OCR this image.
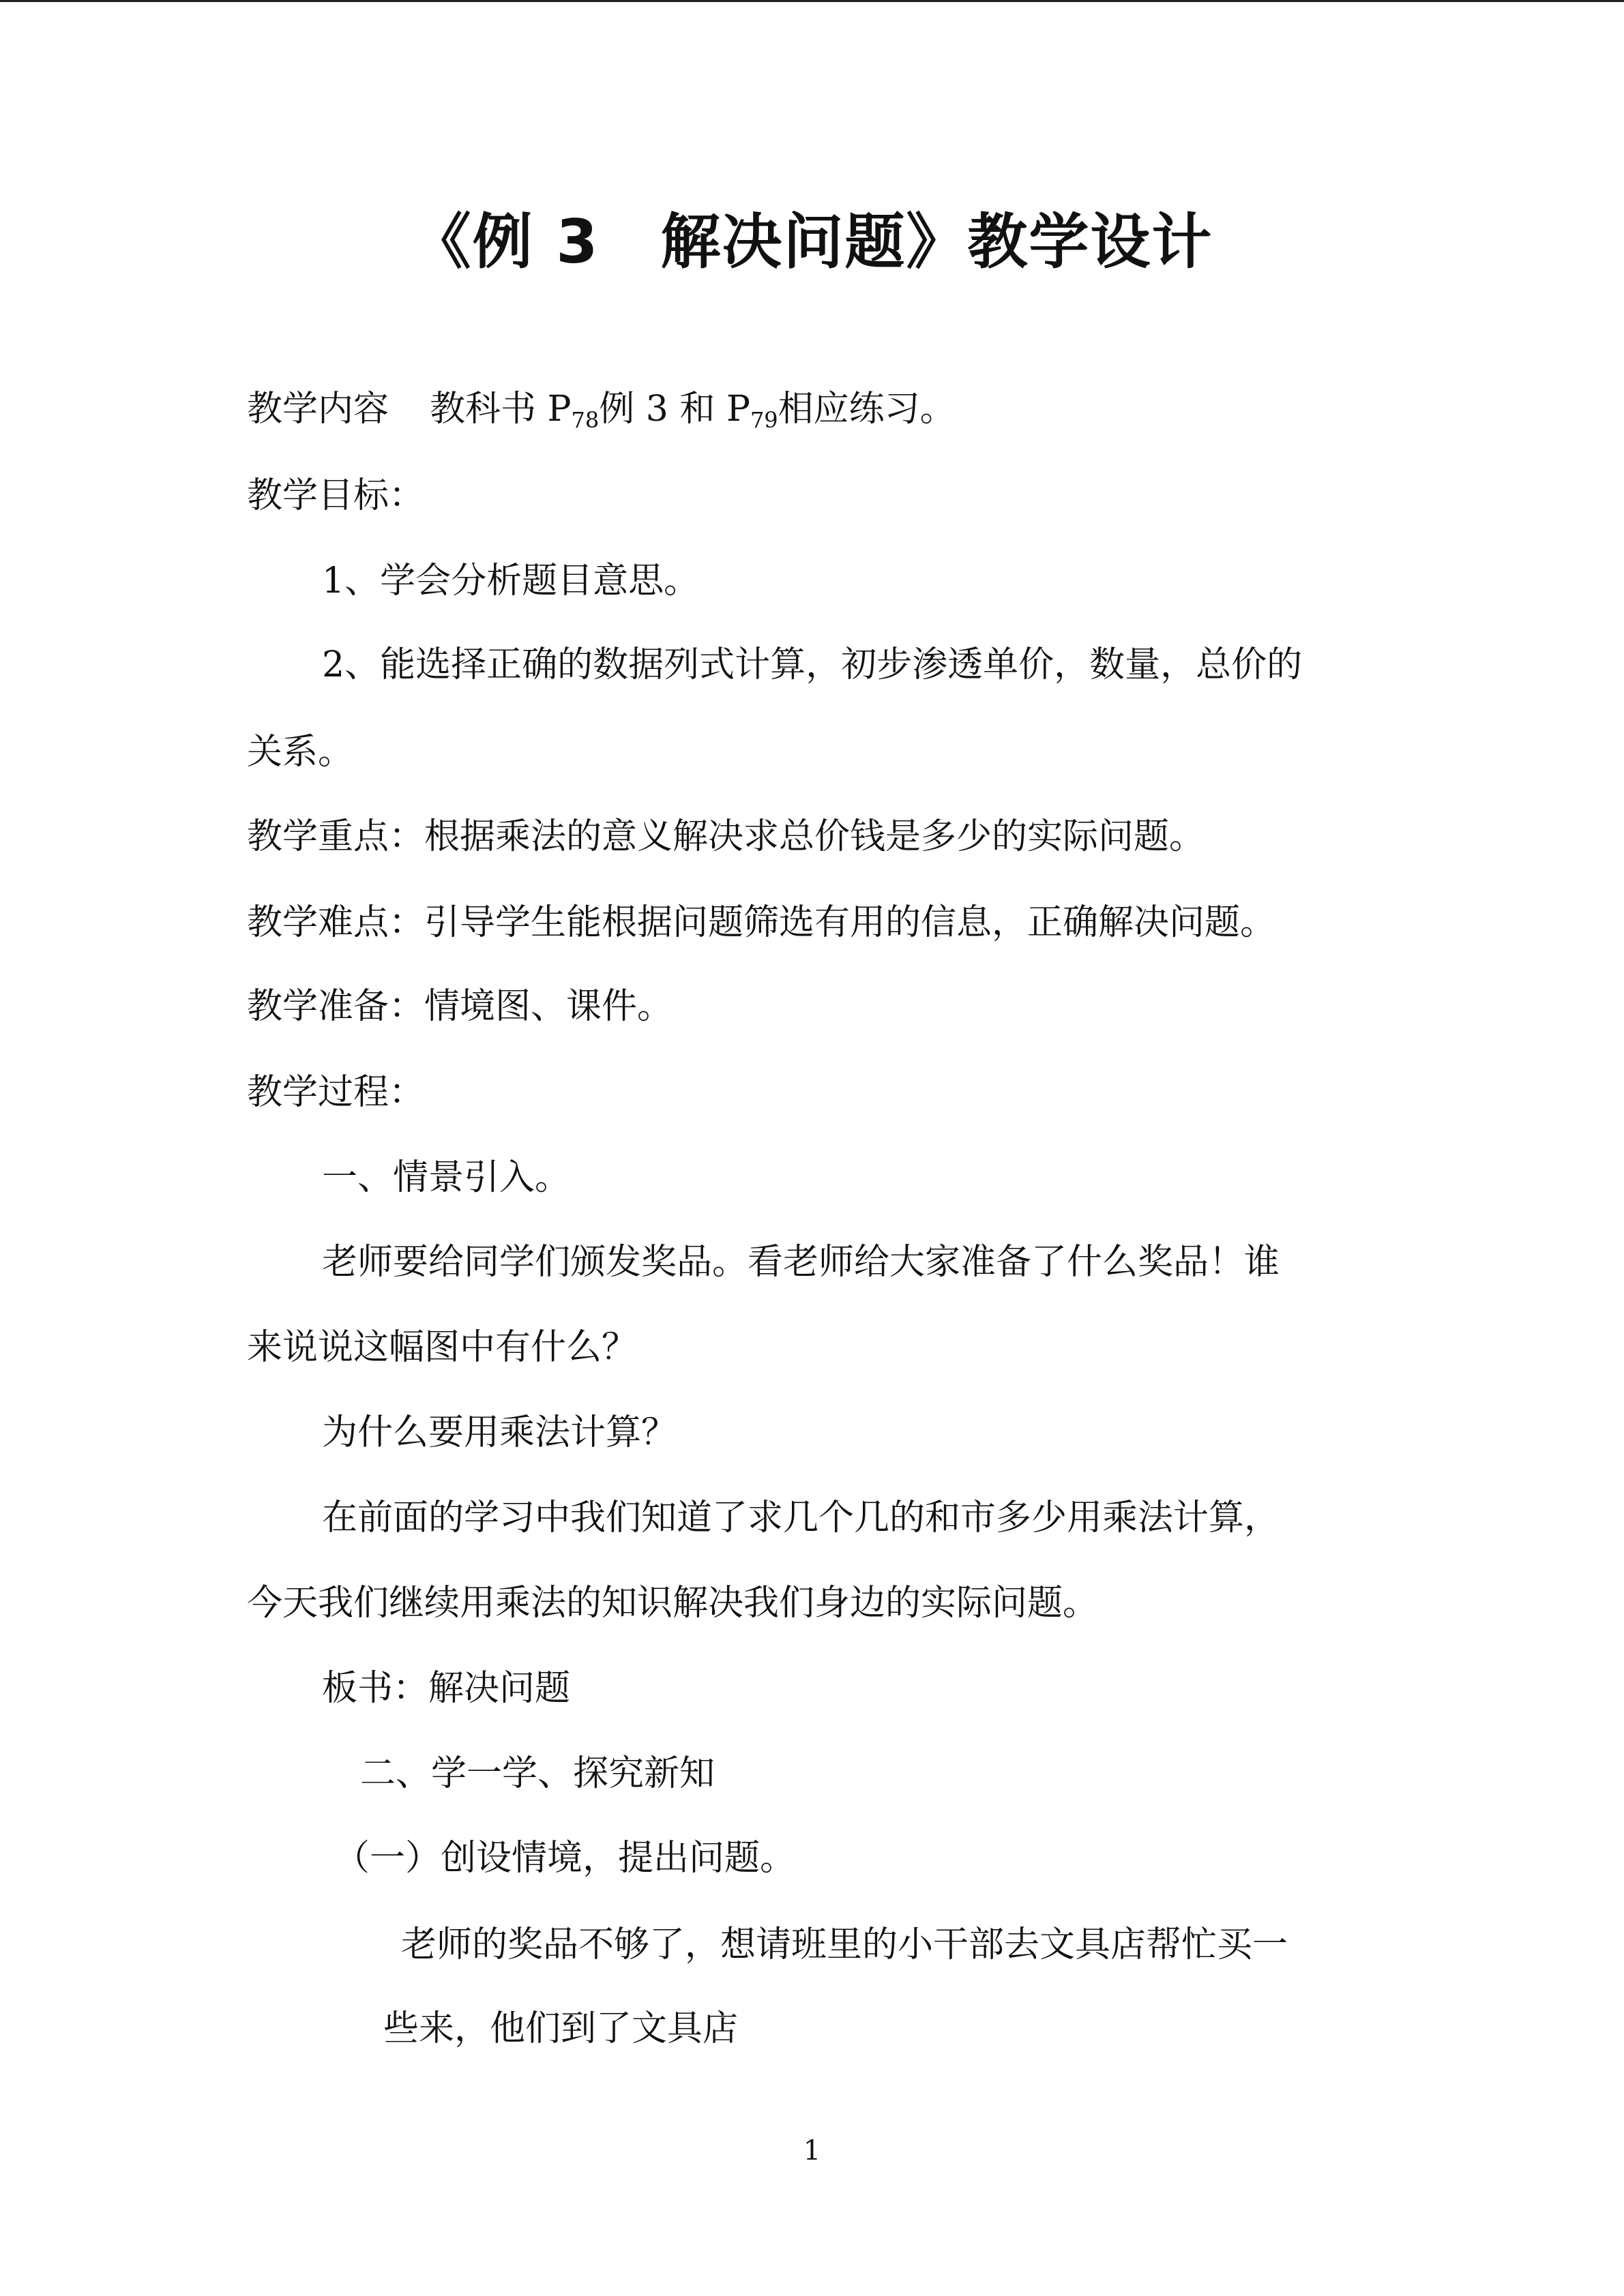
《例 3　解决问题》教学设计
教学内容 教科书 $P_{78}$例 3 和 $P_{79}$相应练习。
教学目标：
1、学会分析题目意思。
2、能选择正确的数据列式计算，初步渗透单价，数量，总价的
关系。
教学重点：根据乘法的意义解决求总价钱是多少的实际问题。
教学难点：引导学生能根据问题筛选有用的信息，正确解决问题。
教学准备：情境图、课件。
教学过程：
一、情景引入。
老师要给同学们颁发奖品。看老师给大家准备了什么奖品！谁
来说说这幅图中有什么？
为什么要用乘法计算？
在前面的学习中我们知道了求几个几的和市多少用乘法计算，
今天我们继续用乘法的知识解决我们身边的实际问题。
板书：解决问题
二、学一学、探究新知
（一）创设情境，提出问题。
老师的奖品不够了，想请班里的小干部去文具店帮忙买一
些来，他们到了文具店
1
